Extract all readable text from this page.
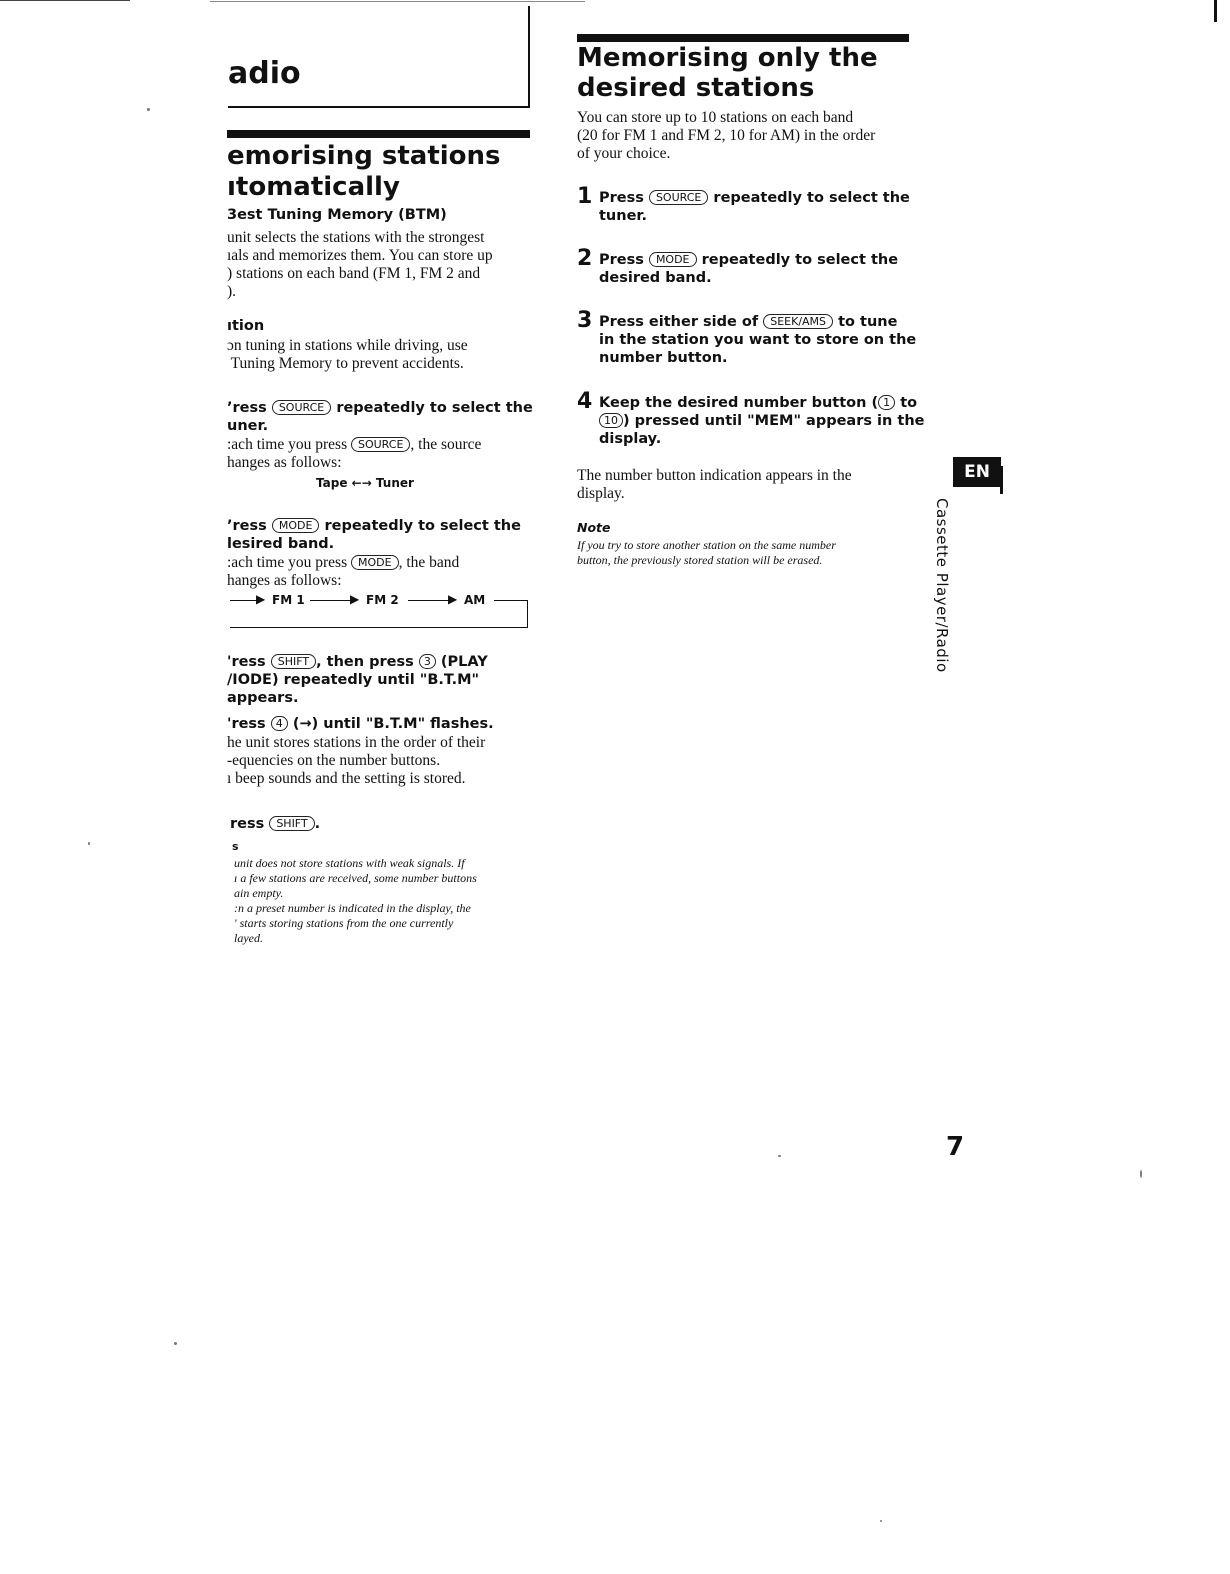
adio
emorising stations
ıtomatically
3est Tuning Memory (BTM)
unit selects the stations with the strongest
ıals and memorizes them. You can store up
) stations on each band (FM 1, FM 2 and
).
ıtion
ɔn tuning in stations while driving, use
Tuning Memory to prevent accidents.
ʼress SOURCE repeatedly to select the
uner.
:ach time you press SOURCE , the source
hanges as follows:
Tape ←→ Tuner
ʼress MODE repeatedly to select the
lesired band.
:ach time you press MODE , the band
hanges as follows:
▶ FM 1	▶ FM 2	▶ AM
'ress SHIFT , then press 3 (PLAY
/IODE) repeatedly until "B.T.M" appears.
'ress 4 (→) until "B.T.M" flashes.
he unit stores stations in the order of their
-equencies on the number buttons.
ı beep sounds and the setting is stored.
ress SHIFT .
s
unit does not store stations with weak signals. If
ı a few stations are received, some number buttons
ain empty.
:n a preset number is indicated in the display, the
' starts storing stations from the one currently
layed.
Memorising only the
desired stations
You can store up to 10 stations on each band
(20 for FM 1 and FM 2, 10 for AM) in the order
of your choice.
1 Press SOURCE repeatedly to select the
tuner.
2 Press MODE repeatedly to select the
desired band.
3 Press either side of SEEK/AMS to tune
in the station you want to store on the
number button.
4 Keep the desired number button ( 1 to
10 ) pressed until "MEM" appears in the
display.
The number button indication appears in the
display.
Note
If you try to store another station on the same number
button, the previously stored station will be erased.
EN
Cassette Player/Radio
7
